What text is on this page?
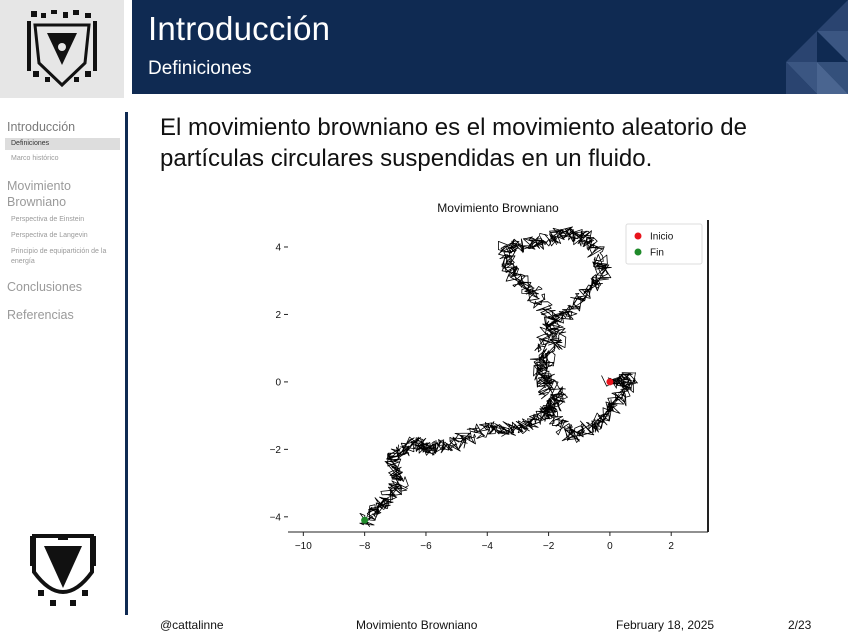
Introducción
Definiciones
Introducción
Definiciones
Marco histórico
Movimiento Browniano
Perspectiva de Einstein
Perspectiva de Langevin
Principio de equipartición de la energía
Conclusiones
Referencias
El movimiento browniano es el movimiento aleatorio de partículas circulares suspendidas en un fluido.
Movimiento Browniano
−10	−8	−6	−4	−2	0	2
−4
−2
0
2
4
Inicio
Fin
@cattalinne	Movimiento Browniano	February 18, 2025	2/23
